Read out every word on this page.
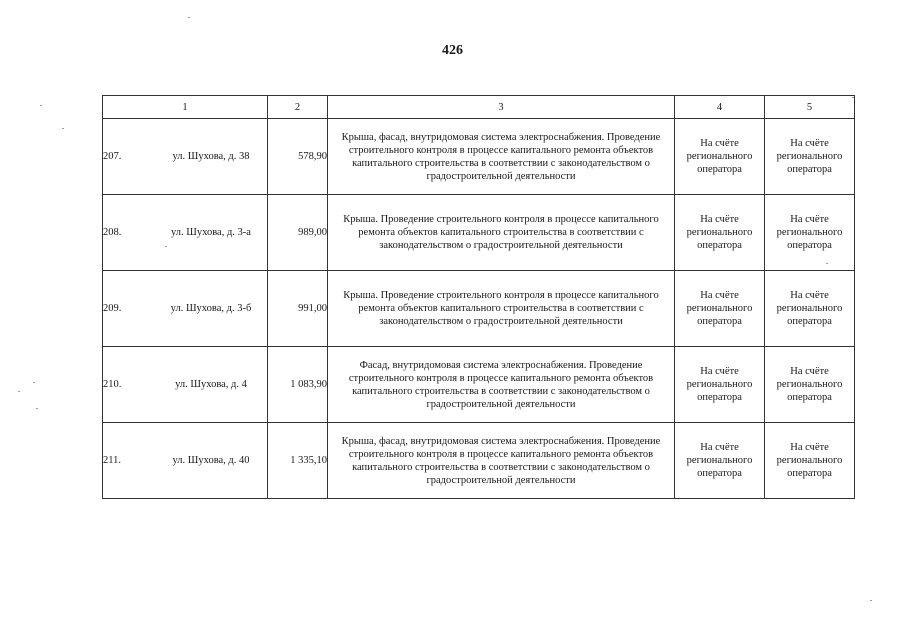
426
1	2	3	4	5

207. ул. Шухова, д. 38	578,90	Крыша, фасад, внутридомовая система электроснабжения. Проведение строительного контроля в процессе капитального ремонта объектов капитального строительства в соответствии с законодательством о градостроительной деятельности	На счёте регионального оператора	На счёте регионального оператора

208. ул. Шухова, д. 3-а	989,00	Крыша. Проведение строительного контроля в процессе капитального ремонта объектов капитального строительства в соответствии с законодательством о градостроительной деятельности	На счёте регионального оператора	На счёте регионального оператора

209. ул. Шухова, д. 3-б	991,00	Крыша. Проведение строительного контроля в процессе капитального ремонта объектов капитального строительства в соответствии с законодательством о градостроительной деятельности	На счёте регионального оператора	На счёте регионального оператора

210. ул. Шухова, д. 4	1 083,90	Фасад, внутридомовая система электроснабжения. Проведение строительного контроля в процессе капитального ремонта объектов капитального строительства в соответствии с законодательством о градостроительной деятельности	На счёте регионального оператора	На счёте регионального оператора

211. ул. Шухова, д. 40	1 335,10	Крыша, фасад, внутридомовая система электроснабжения. Проведение строительного контроля в процессе капитального ремонта объектов капитального строительства в соответствии с законодательством о градостроительной деятельности	На счёте регионального оператора	На счёте регионального оператора
